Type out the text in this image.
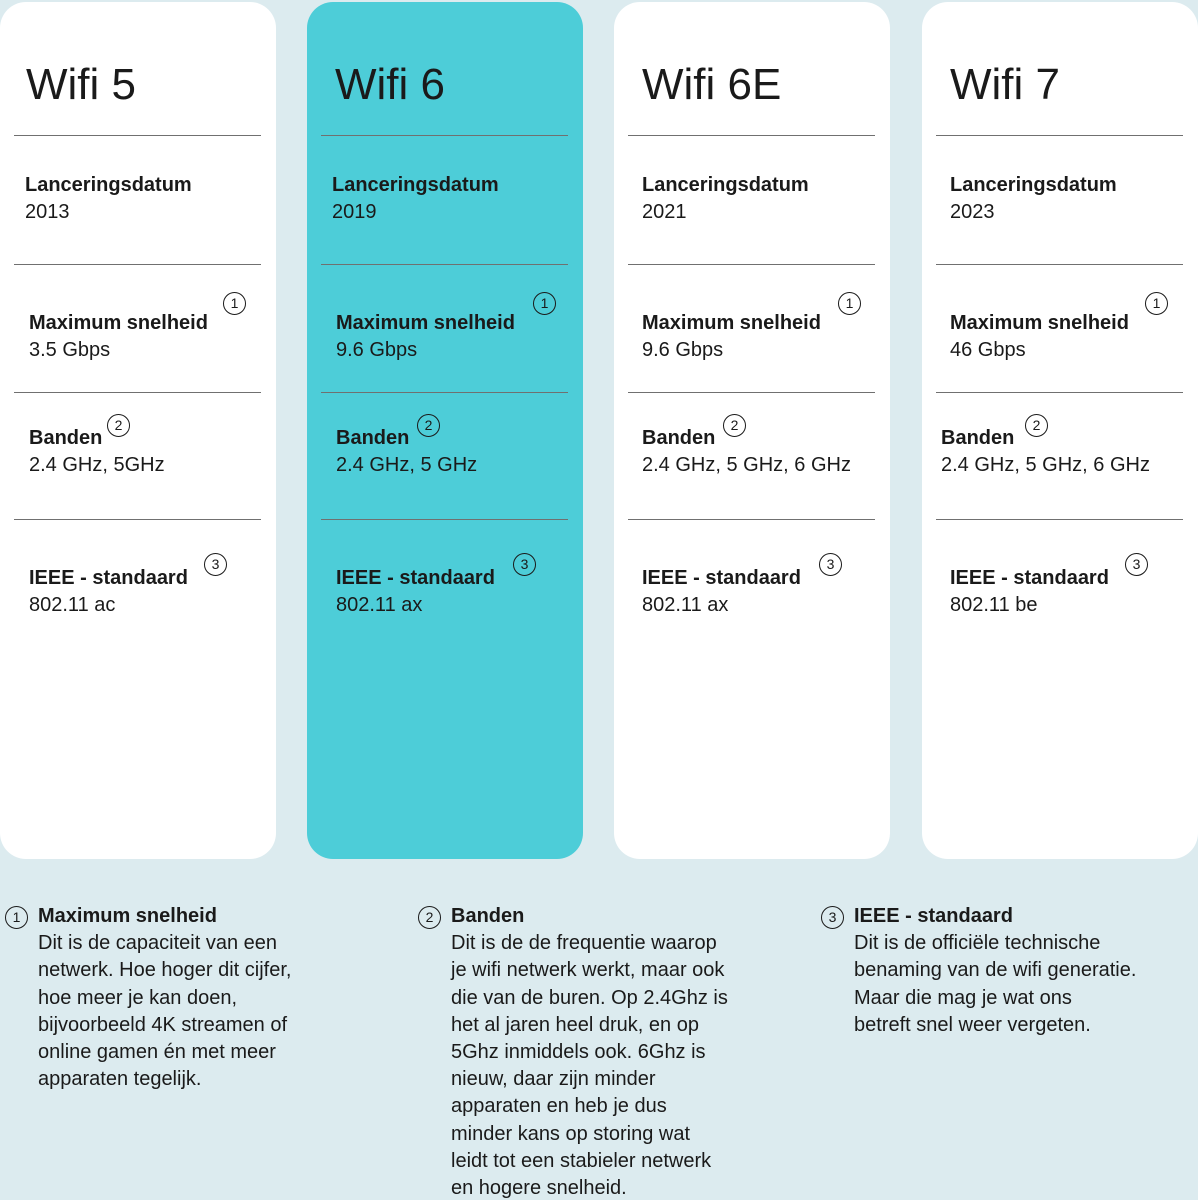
Wifi 5
Lanceringsdatum
2013
Maximum snelheid
3.5 Gbps
1
Banden
2.4 GHz, 5GHz
2
IEEE - standaard
802.11 ac
3
Wifi 6
Lanceringsdatum
2019
Maximum snelheid
9.6 Gbps
1
Banden
2.4 GHz, 5 GHz
2
IEEE - standaard
802.11 ax
3
Wifi 6E
Lanceringsdatum
2021
Maximum snelheid
9.6 Gbps
1
Banden
2.4 GHz, 5 GHz, 6 GHz
2
IEEE - standaard
802.11 ax
3
Wifi 7
Lanceringsdatum
2023
Maximum snelheid
46 Gbps
1
Banden
2.4 GHz, 5 GHz, 6 GHz
2
IEEE - standaard
802.11 be
3
1 Maximum snelheid
Dit is de capaciteit van een
netwerk. Hoe hoger dit cijfer,
hoe meer je kan doen,
bijvoorbeeld 4K streamen of
online gamen én met meer
apparaten tegelijk.
2 Banden
Dit is de de frequentie waarop
je wifi netwerk werkt, maar ook
die van de buren. Op 2.4Ghz is
het al jaren heel druk, en op
5Ghz inmiddels ook. 6Ghz is
nieuw, daar zijn minder
apparaten en heb je dus
minder kans op storing wat
leidt tot een stabieler netwerk
en hogere snelheid.
3 IEEE - standaard
Dit is de officiële technische
benaming van de wifi generatie.
Maar die mag je wat ons
betreft snel weer vergeten.
